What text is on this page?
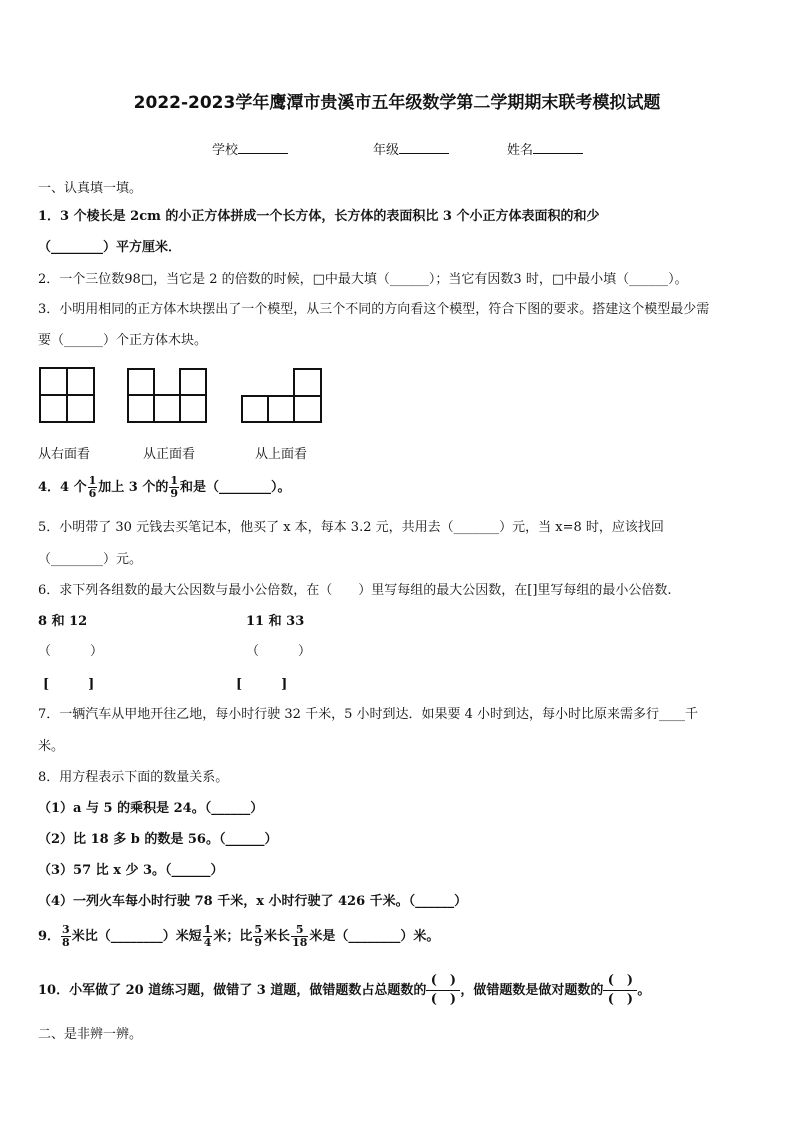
2022-2023学年鹰潭市贵溪市五年级数学第二学期期末联考模拟试题
学校	年级	姓名
一、认真填一填。
1．3 个棱长是 2cm 的小正方体拼成一个长方体，长方体的表面积比 3 个小正方体表面积的和少
（________）平方厘米．
2．一个三位数98□，当它是 2 的倍数的时候，□中最大填（______）；当它有因数3 时，□中最小填（______）。
3．小明用相同的正方体木块摆出了一个模型，从三个不同的方向看这个模型，符合下图的要求。搭建这个模型最少需
要（______）个正方体木块。
从右面看	从正面看	从上面看
4．4 个 $\frac{1}{6}$ 加上 3 个的 $\frac{1}{9}$ 和是（________）。
5．小明带了 30 元钱去买笔记本，他买了 x 本，每本 3.2 元，共用去（_______）元，当 x=8 时，应该找回
（________）元。
6．求下列各组数的最大公因数与最小公倍数，在（　　）里写每组的最大公因数，在[]里写每组的最小公倍数.
8 和 12	11 和 33
（　　　）	（　　　）
[　　　]	[　　　]
7．一辆汽车从甲地开往乙地，每小时行驶 32 千米，5 小时到达．如果要 4 小时到达，每小时比原来需多行____千
米。
8．用方程表示下面的数量关系。
（1）a 与 5 的乘积是 24。（______）
（2）比 18 多 b 的数是 56。（______）
（3）57 比 x 少 3。（______）
（4）一列火车每小时行驶 78 千米，x 小时行驶了 426 千米。（______）
9． $\frac{3}{8}$ 米比（________）米短 $\frac{1}{4}$ 米；比 $\frac{5}{9}$ 米长 $\frac{5}{18}$ 米是（________）米。
10．小军做了 20 道练习题，做错了 3 道题，做错题数占总题数的
(　)
(　)
，做错题数是做对题数的
(　)
(　)
。
二、是非辨一辨。
